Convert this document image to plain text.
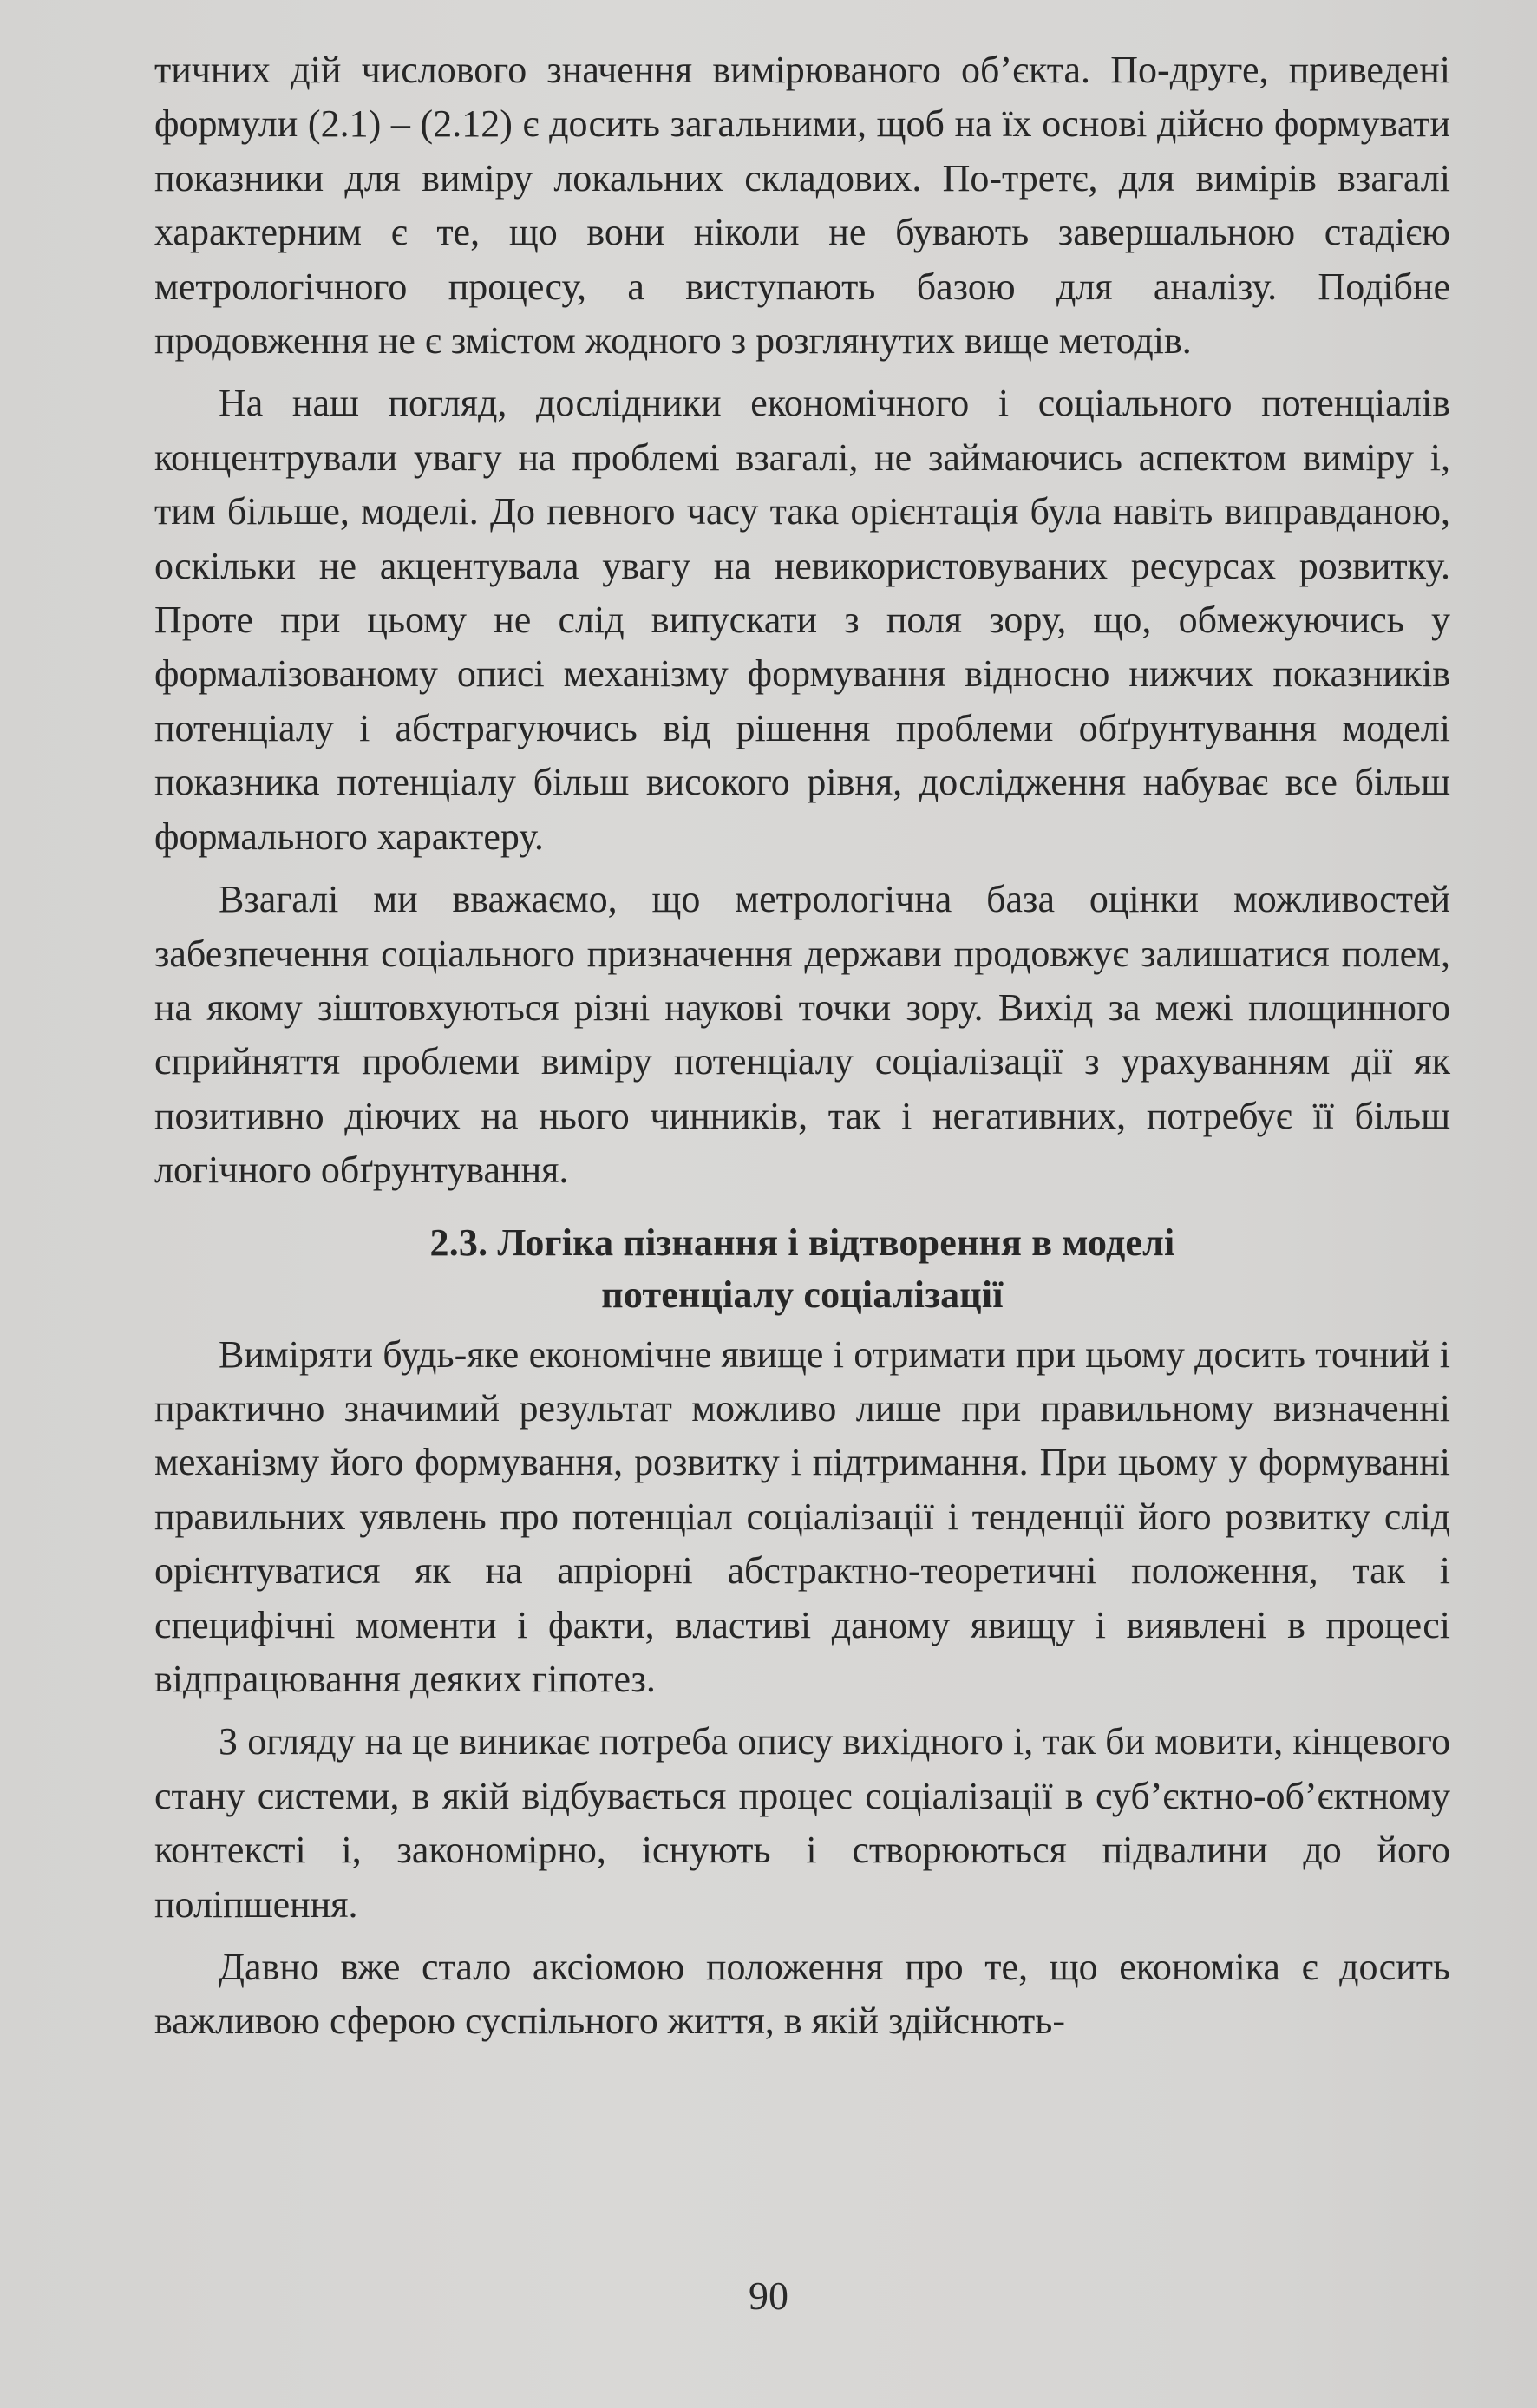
тичних дій числового значення вимірюваного об’єкта. По-друге, приведені формули (2.1) – (2.12) є досить загальними, щоб на їх основі дійсно формувати показники для виміру локальних складових. По-третє, для вимірів взагалі характерним є те, що вони ніколи не бувають завершальною стадією метрологічного процесу, а виступають базою для аналізу. Подібне продовження не є змістом жодного з розглянутих вище методів.

На наш погляд, дослідники економічного і соціального потенціалів концентрували увагу на проблемі взагалі, не займаючись аспектом виміру і, тим більше, моделі. До певного часу така орієнтація була навіть виправданою, оскільки не акцентувала увагу на невикористовуваних ресурсах розвитку. Проте при цьому не слід випускати з поля зору, що, обмежуючись у формалізованому описі механізму формування відносно нижчих показників потенціалу і абстрагуючись від рішення проблеми обґрунтування моделі показника потенціалу більш високого рівня, дослідження набуває все більш формального характеру.

Взагалі ми вважаємо, що метрологічна база оцінки можливостей забезпечення соціального призначення держави продовжує залишатися полем, на якому зіштовхуються різні наукові точки зору. Вихід за межі площинного сприйняття проблеми виміру потенціалу соціалізації з урахуванням дії як позитивно діючих на нього чинників, так і негативних, потребує її більш логічного обґрунтування.

2.3. Логіка пізнання і відтворення в моделі
потенціалу соціалізації

Виміряти будь-яке економічне явище і отримати при цьому досить точний і практично значимий результат можливо лише при правильному визначенні механізму його формування, розвитку і підтримання. При цьому у формуванні правильних уявлень про потенціал соціалізації і тенденції його розвитку слід орієнтуватися як на апріорні абстрактно-теоретичні положення, так і специфічні моменти і факти, властиві даному явищу і виявлені в процесі відпрацювання деяких гіпотез.

З огляду на це виникає потреба опису вихідного і, так би мовити, кінцевого стану системи, в якій відбувається процес соціалізації в суб’єктно-об’єктному контексті і, закономірно, існують і створюються підвалини до його поліпшення.

Давно вже стало аксіомою положення про те, що економіка є досить важливою сферою суспільного життя, в якій здійснють-

90
